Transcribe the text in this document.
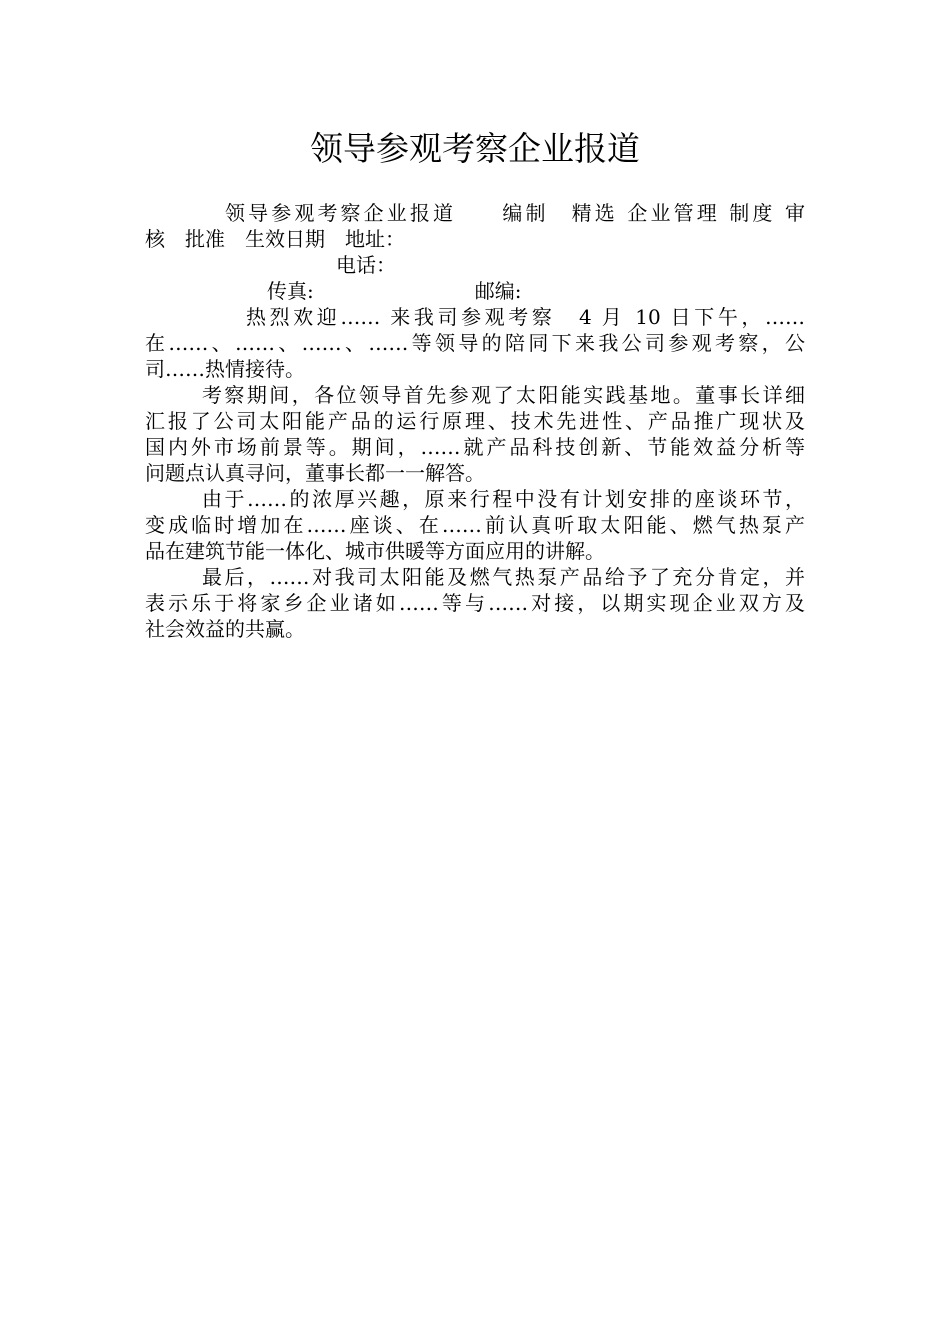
领导参观考察企业报道
领导参观考察企业报道　　编制　精选 企业管理 制度 审
核　批准　生效日期　地址：
电话：
传真:	邮编:
热烈欢迎…… 来我司参观考察　4 月 10 日下午，……
在……、……、……、……等领导的陪同下来我公司参观考察，公
司……热情接待。
考察期间，各位领导首先参观了太阳能实践基地。董事长详细
汇报了公司太阳能产品的运行原理、技术先进性、产品推广现状及
国内外市场前景等。期间，……就产品科技创新、节能效益分析等
问题点认真寻问，董事长都一一解答。
由于……的浓厚兴趣，原来行程中没有计划安排的座谈环节，
变成临时增加在……座谈、在……前认真听取太阳能、燃气热泵产
品在建筑节能一体化、城市供暖等方面应用的讲解。
最后，……对我司太阳能及燃气热泵产品给予了充分肯定，并
表示乐于将家乡企业诸如……等与……对接，以期实现企业双方及
社会效益的共赢。
